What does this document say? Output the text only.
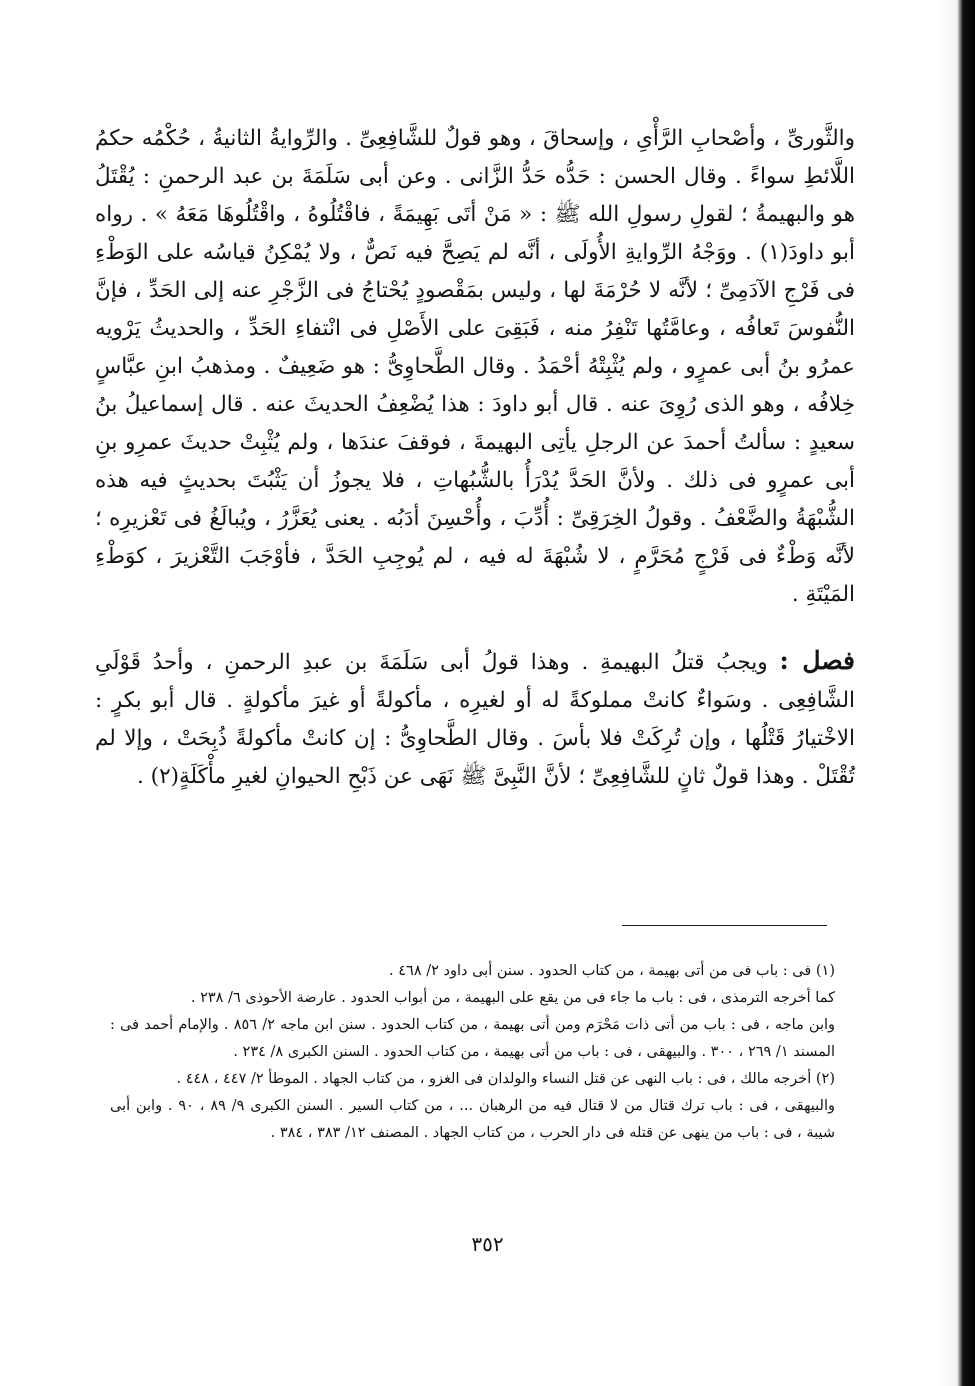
والثَّورىِّ ، وأصْحابِ الرَّأْىِ ، وإسحاقَ ، وهو قولٌ للشَّافِعِىِّ . والرِّوايةُ الثانيةُ ، حُكْمُه حكمُ اللَّائطِ سواءً . وقال الحسن : حَدُّه حَدُّ الزَّانى . وعن أبى سَلَمَةَ بن عبد الرحمنِ : يُقْتَلُ هو والبهيمةُ ؛ لقولِ رسولِ الله ﷺ : « مَنْ أتَى بَهِيمَةً ، فاقْتُلُوهُ ، واقْتُلُوهَا مَعَهُ » . رواه أبو داودَ(١) . ووَجْهُ الرِّوايةِ الأُولَى ، أنَّه لم يَصِحَّ فيه نَصٌّ ، ولا يُمْكِنُ قياسُه على الوَطْءِ فى فَرْجِ الآدَمِىِّ ؛ لأنَّه لا حُرْمَةَ لها ، وليس بمَقْصودٍ يُحْتاجُ فى الزَّجْرِ عنه إلى الحَدِّ ، فإنَّ النُّفوسَ تَعافُه ، وعامَّتُها تَنْفِرُ منه ، فَبَقِىَ على الأَصْلِ فى انْتفاءِ الحَدِّ ، والحديثُ يَرْويه عمرُو بنُ أبى عمرٍو ، ولم يُثْبِتْهُ أحْمَدُ . وقال الطَّحاوِىُّ : هو ضَعِيفٌ . ومذهبُ ابنِ عبَّاسٍ خِلافُه ، وهو الذى رُوِىَ عنه . قال أبو داودَ : هذا يُضْعِفُ الحديثَ عنه . قال إسماعيلُ بنُ سعيدٍ : سألتُ أحمدَ عن الرجلِ يأتِى البهيمةَ ، فوقفَ عندَها ، ولم يُثْبِتْ حديثَ عمرِو بنِ أبى عمرٍو فى ذلك . ولأنَّ الحَدَّ يُدْرَأُ بالشُّبُهاتِ ، فلا يجوزُ أن يَثْبُتَ بحديثٍ فيه هذه الشُّبْهَةُ والضَّعْفُ . وقولُ الخِرَقِىِّ : أُدِّبَ ، وأُحْسِنَ أدَبُه . يعنى يُعَزَّرُ ، ويُبالَغُ فى تَعْزيرِه ؛ لأنَّه وَطْءٌ فى فَرْجٍ مُحَرَّمٍ ، لا شُبْهَةَ له فيه ، لم يُوجِبِ الحَدَّ ، فأوْجَبَ التَّعْزيرَ ، كوَطْءِ المَيْتَةِ .

فصل : ويجبُ قتلُ البهيمةِ . وهذا قولُ أبى سَلَمَةَ بن عبدِ الرحمنِ ، وأحدُ قَوْلَىِ الشَّافِعِى . وسَواءٌ كانتْ مملوكةً له أو لغيرِه ، مأكولةً أو غيرَ مأكولةٍ . قال أبو بكرٍ : الاخْتيارُ قَتْلُها ، وإن تُرِكَتْ فلا بأسَ . وقال الطَّحاوِىُّ : إن كانتْ مأكولةً ذُبِحَتْ ، وإلا لم تُقْتَلْ . وهذا قولٌ ثانٍ للشَّافِعِىِّ ؛ لأنَّ النَّبِىَّ ﷺ نَهَى عن ذَبْحِ الحيوانِ لغيرِ مأْكَلَةٍ(٢) .

(١) فى : باب فى من أتى بهيمة ، من كتاب الحدود . سنن أبى داود ٢/ ٤٦٨ .

كما أخرجه الترمذى ، فى : باب ما جاء فى من يقع على البهيمة ، من أبواب الحدود . عارضة الأحوذى ٦/ ٢٣٨ .

وابن ماجه ، فى : باب من أتى ذات مَحْرَم ومن أتى بهيمة ، من كتاب الحدود . سنن ابن ماجه ٢/ ٨٥٦ . والإمام أحمد فى : المسند ١/ ٢٦٩ ، ٣٠٠ . والبيهقى ، فى : باب من أتى بهيمة ، من كتاب الحدود . السنن الكبرى ٨/ ٢٣٤ .

(٢) أخرجه مالك ، فى : باب النهى عن قتل النساء والولدان فى الغزو ، من كتاب الجهاد . الموطأ ٢/ ٤٤٧ ، ٤٤٨ .

والبيهقى ، فى : باب ترك قتال من لا قتال فيه من الرهبان ... ، من كتاب السير . السنن الكبرى ٩/ ٨٩ ، ٩٠ . وابن أبى شيبة ، فى : باب من ينهى عن قتله فى دار الحرب ، من كتاب الجهاد . المصنف ١٢/ ٣٨٣ ، ٣٨٤ .

٣٥٢
